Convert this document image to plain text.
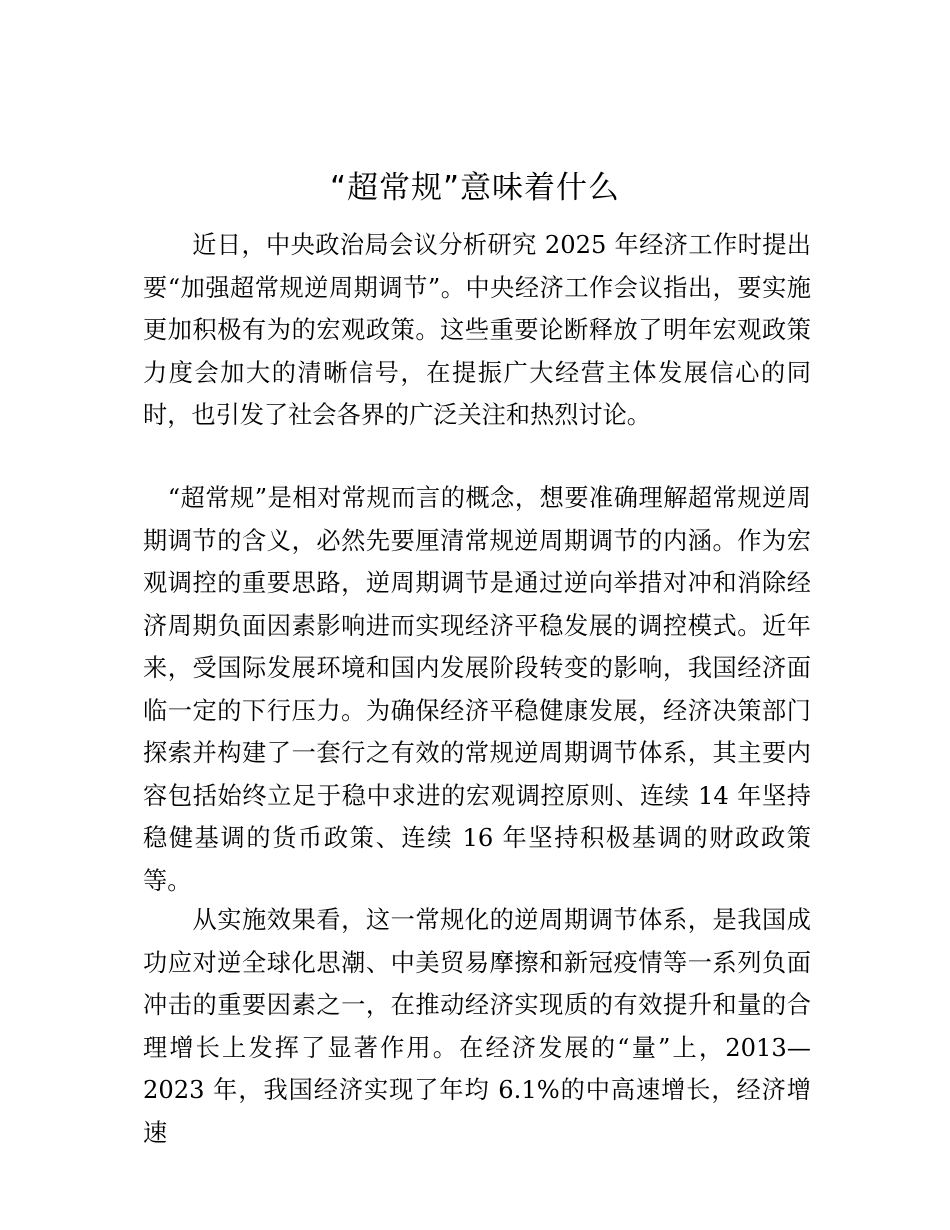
“超常规”意味着什么

　　近日，中央政治局会议分析研究 2025 年经济工作时提出要“加强超常规逆周期调节”。中央经济工作会议指出，要实施更加积极有为的宏观政策。这些重要论断释放了明年宏观政策力度会加大的清晰信号，在提振广大经营主体发展信心的同时，也引发了社会各界的广泛关注和热烈讨论。

　“超常规”是相对常规而言的概念，想要准确理解超常规逆周期调节的含义，必然先要厘清常规逆周期调节的内涵。作为宏观调控的重要思路，逆周期调节是通过逆向举措对冲和消除经济周期负面因素影响进而实现经济平稳发展的调控模式。近年来，受国际发展环境和国内发展阶段转变的影响，我国经济面临一定的下行压力。为确保经济平稳健康发展，经济决策部门探索并构建了一套行之有效的常规逆周期调节体系，其主要内容包括始终立足于稳中求进的宏观调控原则、连续 14 年坚持稳健基调的货币政策、连续 16 年坚持积极基调的财政政策等。

　　从实施效果看，这一常规化的逆周期调节体系，是我国成功应对逆全球化思潮、中美贸易摩擦和新冠疫情等一系列负面冲击的重要因素之一，在推动经济实现质的有效提升和量的合理增长上发挥了显著作用。在经济发展的“量”上，2013—2023 年，我国经济实现了年均 6.1%的中高速增长，经济增速
